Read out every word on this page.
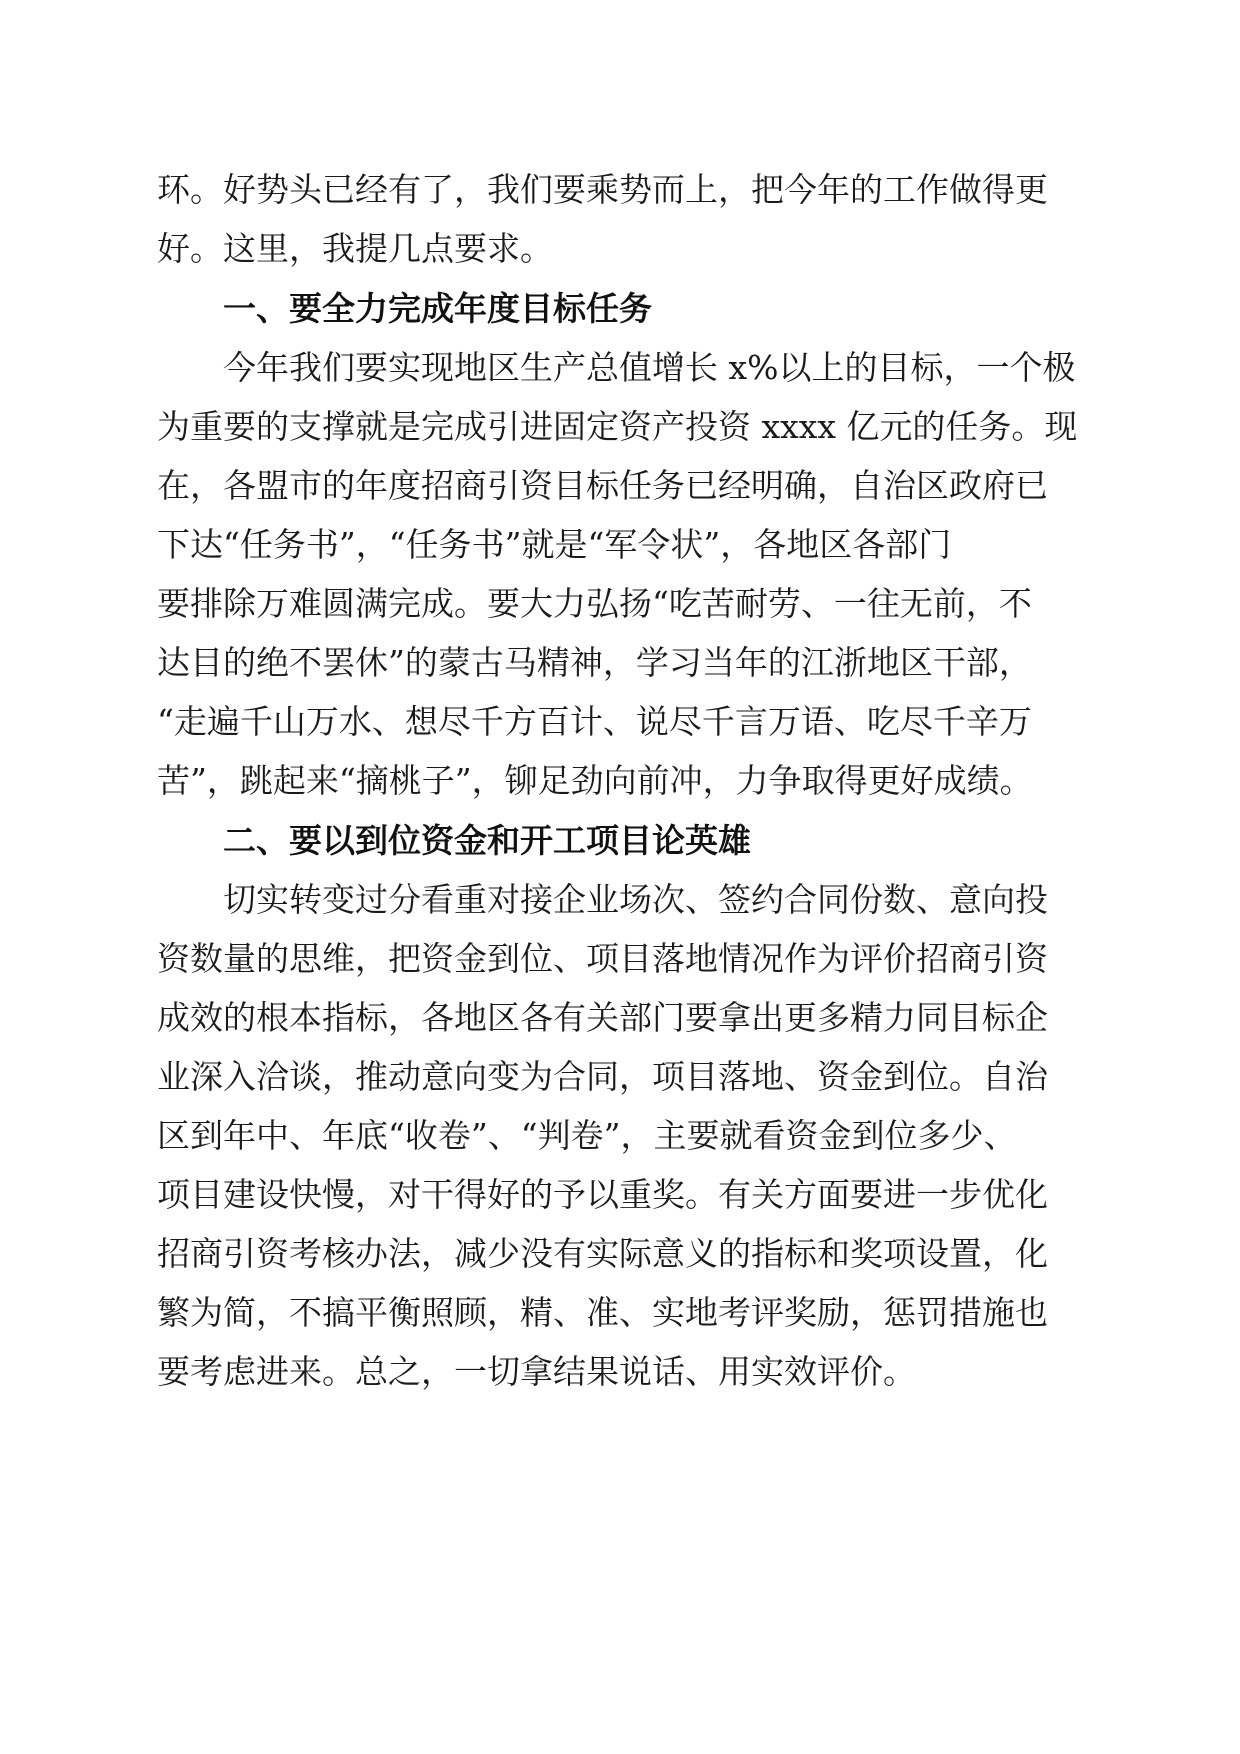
环。好势头已经有了，我们要乘势而上，把今年的工作做得更
好。这里，我提几点要求。
一、要全力完成年度目标任务
今年我们要实现地区生产总值增长 x%以上的目标，一个极
为重要的支撑就是完成引进固定资产投资 xxxx 亿元的任务。现
在，各盟市的年度招商引资目标任务已经明确，自治区政府已
下达“任务书”，“任务书”就是“军令状”，各地区各部门
要排除万难圆满完成。要大力弘扬“吃苦耐劳、一往无前，不
达目的绝不罢休”的蒙古马精神，学习当年的江浙地区干部，
“走遍千山万水、想尽千方百计、说尽千言万语、吃尽千辛万
苦”，跳起来“摘桃子”，铆足劲向前冲，力争取得更好成绩。
二、要以到位资金和开工项目论英雄
切实转变过分看重对接企业场次、签约合同份数、意向投
资数量的思维，把资金到位、项目落地情况作为评价招商引资
成效的根本指标，各地区各有关部门要拿出更多精力同目标企
业深入洽谈，推动意向变为合同，项目落地、资金到位。自治
区到年中、年底“收卷”、“判卷”，主要就看资金到位多少、
项目建设快慢，对干得好的予以重奖。有关方面要进一步优化
招商引资考核办法，减少没有实际意义的指标和奖项设置，化
繁为简，不搞平衡照顾，精、准、实地考评奖励，惩罚措施也
要考虑进来。总之，一切拿结果说话、用实效评价。
